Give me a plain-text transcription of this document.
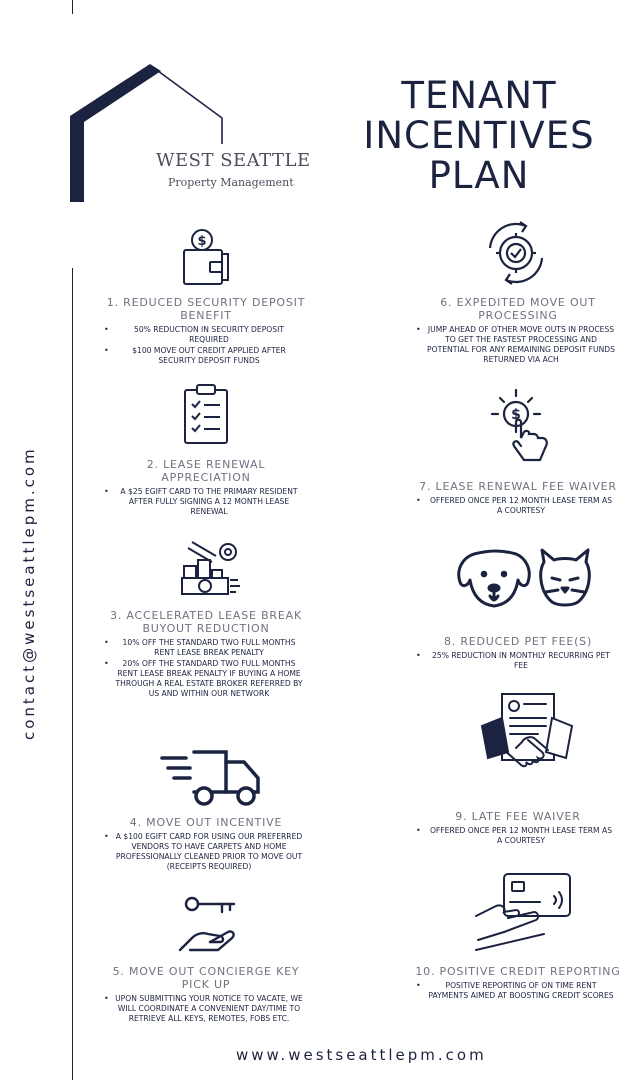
WEST SEATTLE
Property Management
TENANT
INCENTIVES
PLAN
contact@westseattlepm.com
$
$
1. REDUCED SECURITY DEPOSIT BENEFIT
• 50% REDUCTION IN SECURITY DEPOSIT REQUIRED
• $100 MOVE OUT CREDIT APPLIED AFTER SECURITY DEPOSIT FUNDS
2. LEASE RENEWAL APPRECIATION
• A $25 EGIFT CARD TO THE PRIMARY RESIDENT AFTER FULLY SIGNING A 12 MONTH LEASE RENEWAL
3. ACCELERATED LEASE BREAK BUYOUT REDUCTION
• 10% OFF THE STANDARD TWO FULL MONTHS RENT LEASE BREAK PENALTY
• 20% OFF THE STANDARD TWO FULL MONTHS RENT LEASE BREAK PENALTY IF BUYING A HOME THROUGH A REAL ESTATE BROKER REFERRED BY US AND WITHIN OUR NETWORK
4. MOVE OUT INCENTIVE
• A $100 EGIFT CARD FOR USING OUR PREFERRED VENDORS TO HAVE CARPETS AND HOME PROFESSIONALLY CLEANED PRIOR TO MOVE OUT (RECEIPTS REQUIRED)
5. MOVE OUT CONCIERGE KEY PICK UP
• UPON SUBMITTING YOUR NOTICE TO VACATE, WE WILL COORDINATE A CONVENIENT DAY/TIME TO RETRIEVE ALL KEYS, REMOTES, FOBS ETC.
6. EXPEDITED MOVE OUT PROCESSING
• JUMP AHEAD OF OTHER MOVE OUTS IN PROCESS TO GET THE FASTEST PROCESSING AND POTENTIAL FOR ANY REMAINING DEPOSIT FUNDS RETURNED VIA ACH
7. LEASE RENEWAL FEE WAIVER
• OFFERED ONCE PER 12 MONTH LEASE TERM AS A COURTESY
8. REDUCED PET FEE(S)
• 25% REDUCTION IN MONTHLY RECURRING PET FEE
9. LATE FEE WAIVER
• OFFERED ONCE PER 12 MONTH LEASE TERM AS A COURTESY
10. POSITIVE CREDIT REPORTING
• POSITIVE REPORTING OF ON TIME RENT PAYMENTS AIMED AT BOOSTING CREDIT SCORES
www.westseattlepm.com
